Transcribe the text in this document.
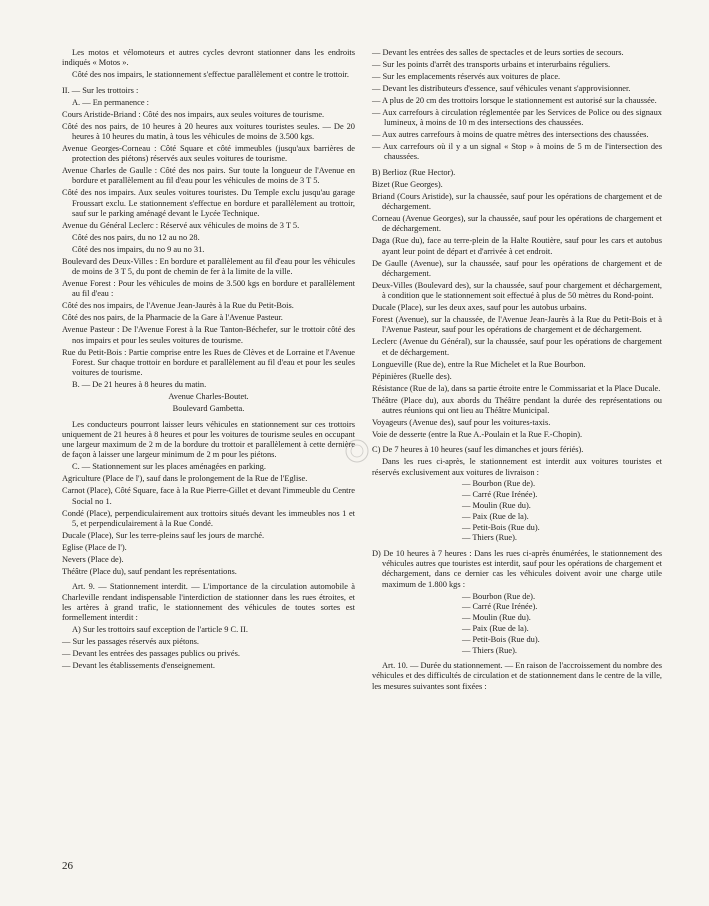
Les motos et vélomoteurs et autres cycles devront stationner dans les endroits indiqués « Motos ».

Côté des nos impairs, le stationnement s'effectue parallèlement et contre le trottoir.

II. — Sur les trottoirs :

A. — En permanence :

Cours Aristide-Briand : Côté des nos impairs, aux seules voitures de tourisme.

Côté des nos pairs, de 10 heures à 20 heures aux voitures touristes seules. — De 20 heures à 10 heures du matin, à tous les véhicules de moins de 3.500 kgs.

Avenue Georges-Corneau : Côté Square et côté immeubles (jusqu'aux barrières de protection des piétons) réservés aux seules voitures de tourisme.

Avenue Charles de Gaulle : Côté des nos pairs. Sur toute la longueur de l'Avenue en bordure et parallèlement au fil d'eau pour les véhicules de moins de 3 T 5.

Côté des nos impairs. Aux seules voitures touristes. Du Temple exclu jusqu'au garage Froussart exclu. Le stationnement s'effectue en bordure et parallèlement au trottoir, sauf sur le parking aménagé devant le Lycée Technique.

Avenue du Général Leclerc : Réservé aux véhicules de moins de 3 T 5.

Côté des nos pairs, du no 12 au no 28.

Côté des nos impairs, du no 9 au no 31.

Boulevard des Deux-Villes : En bordure et parallèlement au fil d'eau pour les véhicules de moins de 3 T 5, du pont de chemin de fer à la limite de la ville.

Avenue Forest : Pour les véhicules de moins de 3.500 kgs en bordure et parallèlement au fil d'eau :

Côté des nos impairs, de l'Avenue Jean-Jaurès à la Rue du Petit-Bois.

Côté des nos pairs, de la Pharmacie de la Gare à l'Avenue Pasteur.

Avenue Pasteur : De l'Avenue Forest à la Rue Tanton-Béchefer, sur le trottoir côté des nos impairs et pour les seules voitures de tourisme.

Rue du Petit-Bois : Partie comprise entre les Rues de Clèves et de Lorraine et l'Avenue Forest. Sur chaque trottoir en bordure et parallèlement au fil d'eau et pour les seules voitures de tourisme.

B. — De 21 heures à 8 heures du matin.

Avenue Charles-Boutet.

Boulevard Gambetta.

Les conducteurs pourront laisser leurs véhicules en stationnement sur ces trottoirs uniquement de 21 heures à 8 heures et pour les voitures de tourisme seules en occupant une largeur maximum de 2 m de la bordure du trottoir et parallèlement à cette dernière de façon à laisser une largeur minimum de 2 m pour les piétons.

C. — Stationnement sur les places aménagées en parking.

Agriculture (Place de l'), sauf dans le prolongement de la Rue de l'Eglise.

Carnot (Place), Côté Square, face à la Rue Pierre-Gillet et devant l'immeuble du Centre Social no 1.

Condé (Place), perpendiculairement aux trottoirs situés devant les immeubles nos 1 et 5, et perpendiculairement à la Rue Condé.

Ducale (Place), Sur les terre-pleins sauf les jours de marché.

Eglise (Place de l').

Nevers (Place de).

Théâtre (Place du), sauf pendant les représentations.

Art. 9. — Stationnement interdit. — L'importance de la circulation automobile à Charleville rendant indispensable l'interdiction de stationner dans les rues étroites, et les artères à grand trafic, le stationnement des véhicules de toutes sortes est formellement interdit :

A) Sur les trottoirs sauf exception de l'article 9 C. II.

— Sur les passages réservés aux piétons.

— Devant les entrées des passages publics ou privés.

— Devant les établissements d'enseignement.

— Devant les entrées des salles de spectacles et de leurs sorties de secours.

— Sur les points d'arrêt des transports urbains et interurbains réguliers.

— Sur les emplacements réservés aux voitures de place.

— Devant les distributeurs d'essence, sauf véhicules venant s'approvisionner.

— A plus de 20 cm des trottoirs lorsque le stationnement est autorisé sur la chaussée.

— Aux carrefours à circulation réglementée par les Services de Police ou des signaux lumineux, à moins de 10 m des intersections des chaussées.

— Aux autres carrefours à moins de quatre mètres des intersections des chaussées.

— Aux carrefours où il y a un signal « Stop » à moins de 5 m de l'intersection des chaussées.

B) Berlioz (Rue Hector).

Bizet (Rue Georges).

Briand (Cours Aristide), sur la chaussée, sauf pour les opérations de chargement et de déchargement.

Corneau (Avenue Georges), sur la chaussée, sauf pour les opérations de chargement et de déchargement.

Daga (Rue du), face au terre-plein de la Halte Routière, sauf pour les cars et autobus ayant leur point de départ et d'arrivée à cet endroit.

De Gaulle (Avenue), sur la chaussée, sauf pour les opérations de chargement et de déchargement.

Deux-Villes (Boulevard des), sur la chaussée, sauf pour chargement et déchargement, à condition que le stationnement soit effectué à plus de 50 mètres du Rond-point.

Ducale (Place), sur les deux axes, sauf pour les autobus urbains.

Forest (Avenue), sur la chaussée, de l'Avenue Jean-Jaurès à la Rue du Petit-Bois et à l'Avenue Pasteur, sauf pour les opérations de chargement et de déchargement.

Leclerc (Avenue du Général), sur la chaussée, sauf pour les opérations de chargement et de déchargement.

Longueville (Rue de), entre la Rue Michelet et la Rue Bourbon.

Pépinières (Ruelle des).

Résistance (Rue de la), dans sa partie étroite entre le Commissariat et la Place Ducale.

Théâtre (Place du), aux abords du Théâtre pendant la durée des représentations ou autres réunions qui ont lieu au Théâtre Municipal.

Voyageurs (Avenue des), sauf pour les voitures-taxis.

Voie de desserte (entre la Rue A.-Poulain et la Rue F.-Chopin).

C) De 7 heures à 10 heures (sauf les dimanches et jours fériés).

Dans les rues ci-après, le stationnement est interdit aux voitures touristes et réservés exclusivement aux voitures de livraison :

— Bourbon (Rue de).

— Carré (Rue Irénée).

— Moulin (Rue du).

— Paix (Rue de la).

— Petit-Bois (Rue du).

— Thiers (Rue).

D) De 10 heures à 7 heures : Dans les rues ci-après énumérées, le stationnement des véhicules autres que touristes est interdit, sauf pour les opérations de chargement et déchargement, dans ce dernier cas les véhicules doivent avoir une charge utile maximum de 1.800 kgs :

— Bourbon (Rue de).

— Carré (Rue Irénée).

— Moulin (Rue du).

— Paix (Rue de la).

— Petit-Bois (Rue du).

— Thiers (Rue).

Art. 10. — Durée du stationnement. — En raison de l'accroissement du nombre des véhicules et des difficultés de circulation et de stationnement dans le centre de la ville, les mesures suivantes sont fixées :

26
